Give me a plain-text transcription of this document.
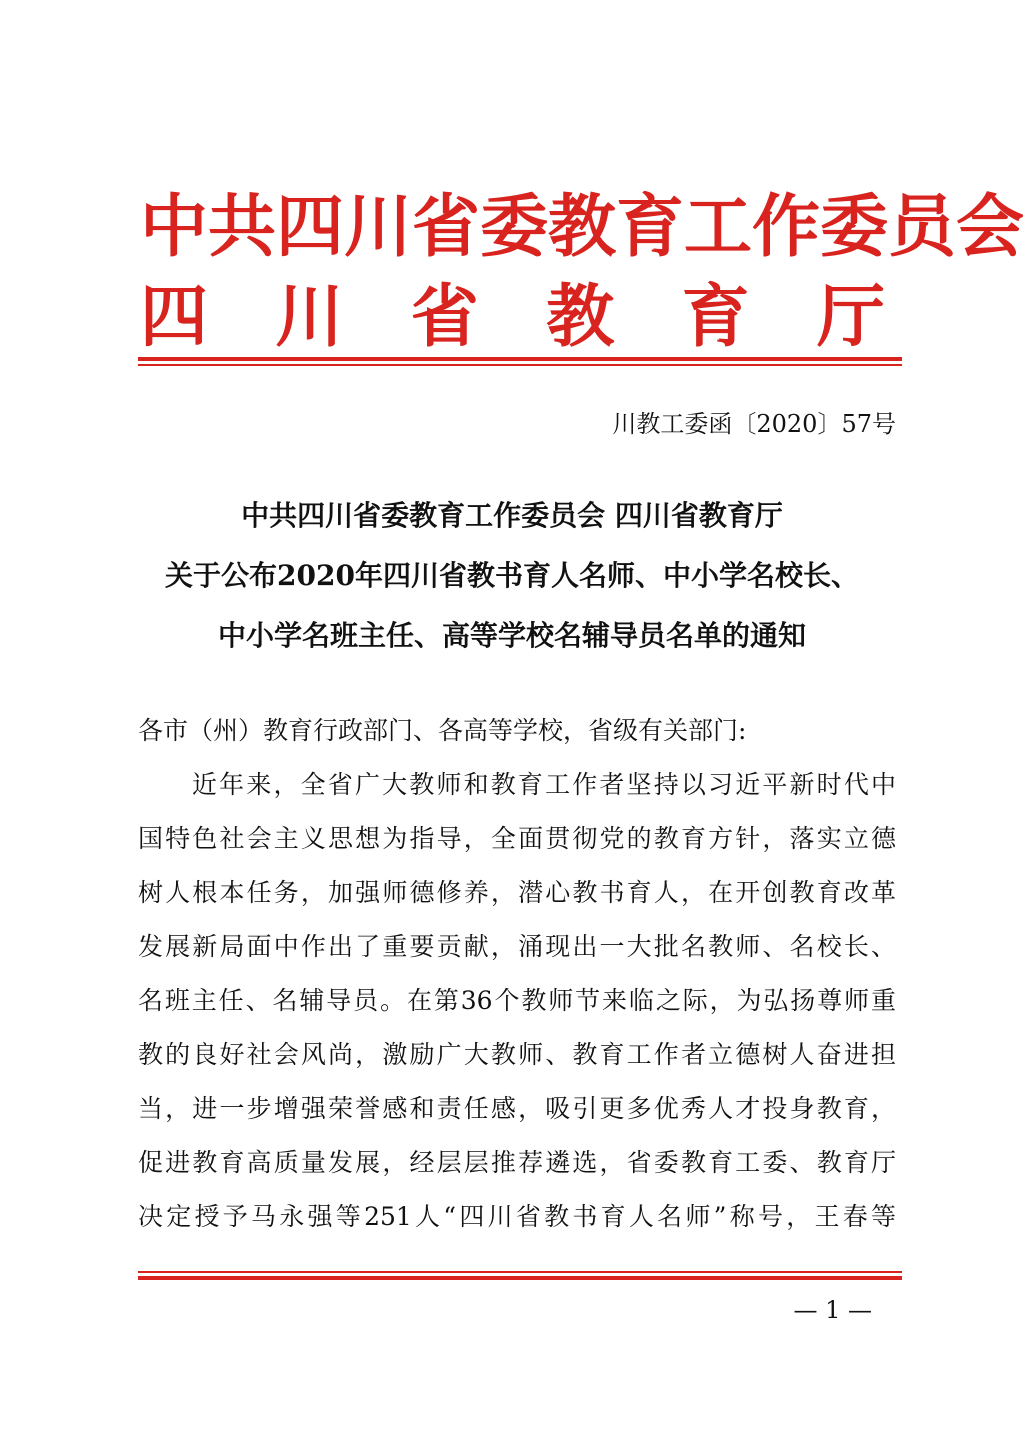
中共四川省委教育工作委员会
四川省教育厅
川教工委函〔2020〕57号
中共四川省委教育工作委员会 四川省教育厅
关于公布2020年四川省教书育人名师、中小学名校长、
中小学名班主任、高等学校名辅导员名单的通知
各市（州）教育行政部门、各高等学校，省级有关部门:
近年来，全省广大教师和教育工作者坚持以习近平新时代中
国特色社会主义思想为指导，全面贯彻党的教育方针，落实立德
树人根本任务，加强师德修养，潜心教书育人，在开创教育改革
发展新局面中作出了重要贡献，涌现出一大批名教师、名校长、
名班主任、名辅导员。在第36个教师节来临之际，为弘扬尊师重
教的良好社会风尚，激励广大教师、教育工作者立德树人奋进担
当，进一步增强荣誉感和责任感，吸引更多优秀人才投身教育，
促进教育高质量发展，经层层推荐遴选，省委教育工委、教育厅
决定授予马永强等251人“四川省教书育人名师”称号，王春等
— 1 —
